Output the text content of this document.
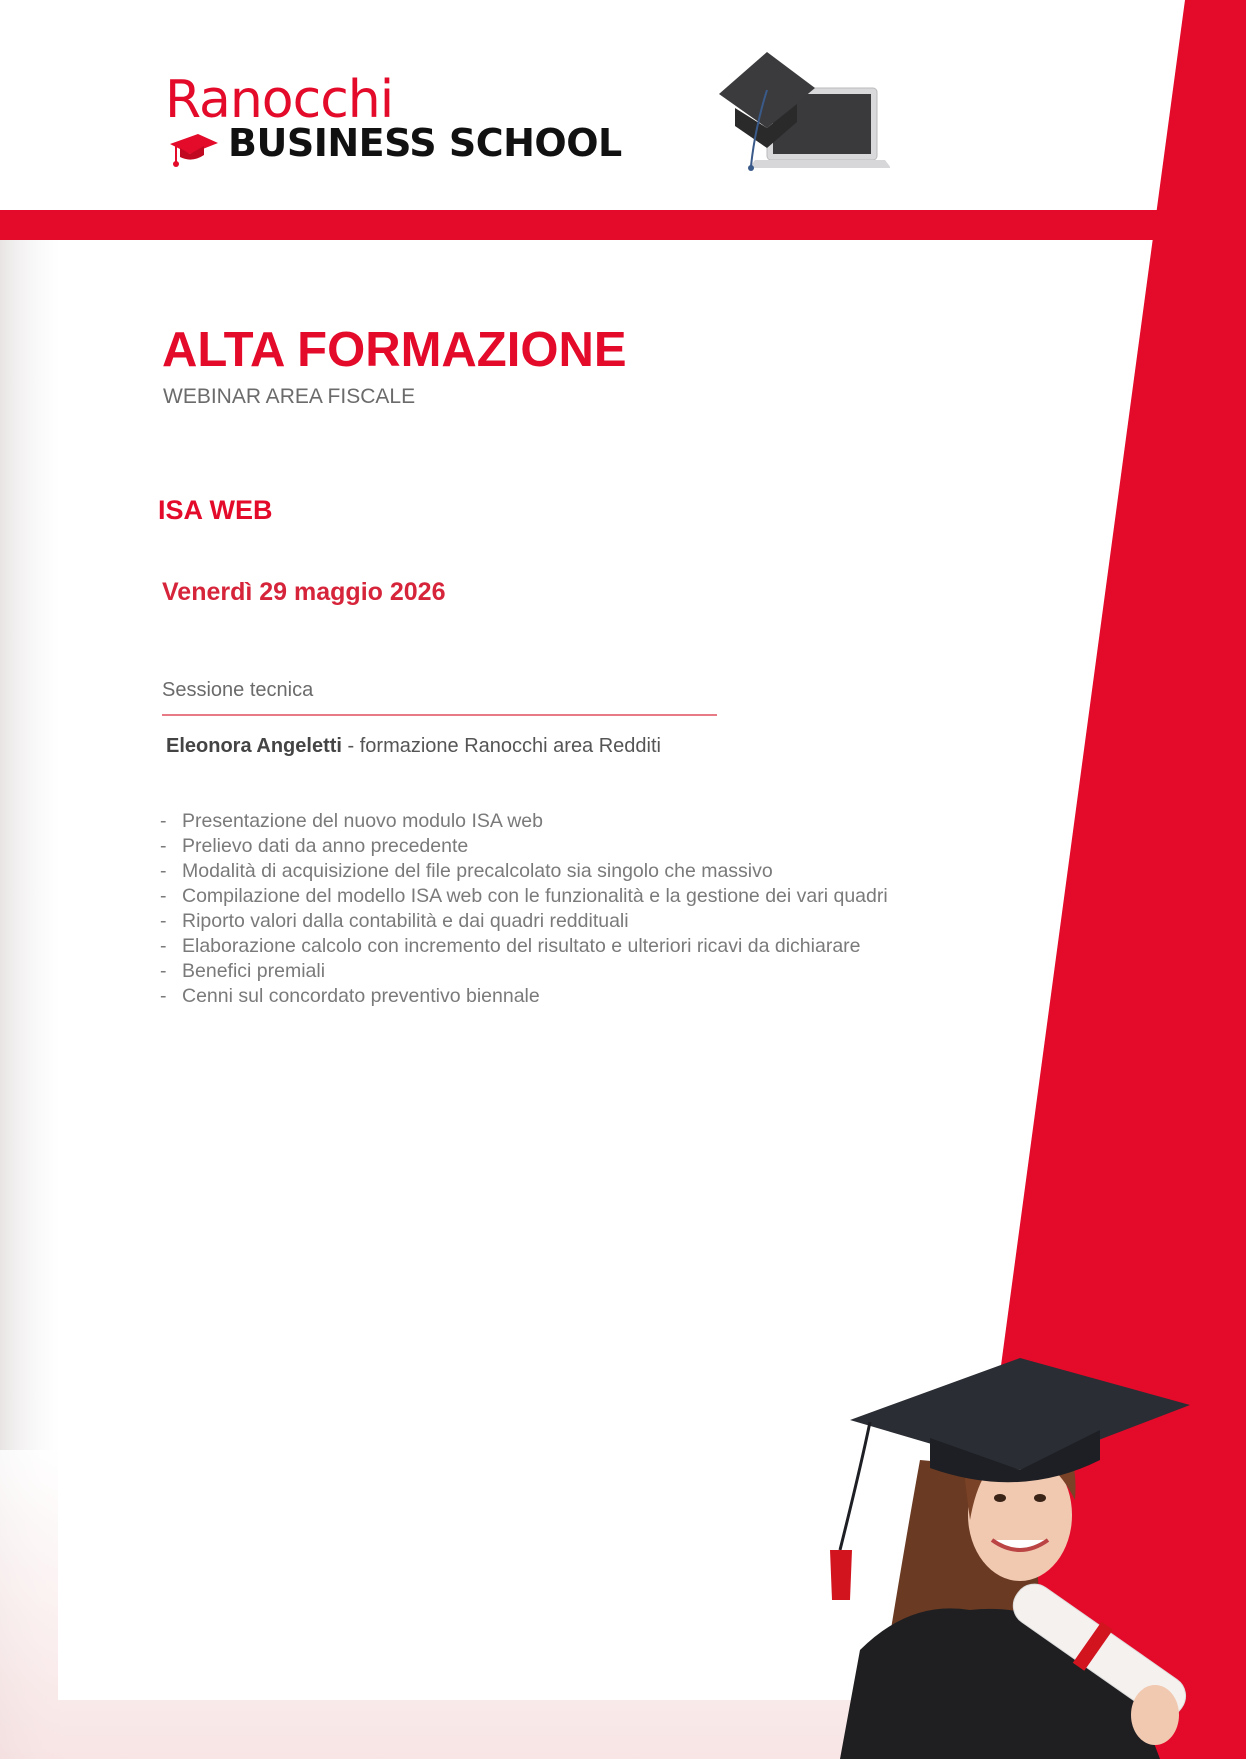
Ranocchi
BUSINESS SCHOOL
ALTA FORMAZIONE
WEBINAR AREA FISCALE
ISA WEB
Venerdì 29 maggio 2026
Sessione tecnica
Eleonora Angeletti - formazione Ranocchi area Redditi
- Presentazione del nuovo modulo ISA web
- Prelievo dati da anno precedente
- Modalità di acquisizione del file precalcolato sia singolo che massivo
- Compilazione del modello ISA web con le funzionalità e la gestione dei vari quadri
- Riporto valori dalla contabilità e dai quadri reddituali
- Elaborazione calcolo con incremento del risultato e ulteriori ricavi da dichiarare
- Benefici premiali
- Cenni sul concordato preventivo biennale
